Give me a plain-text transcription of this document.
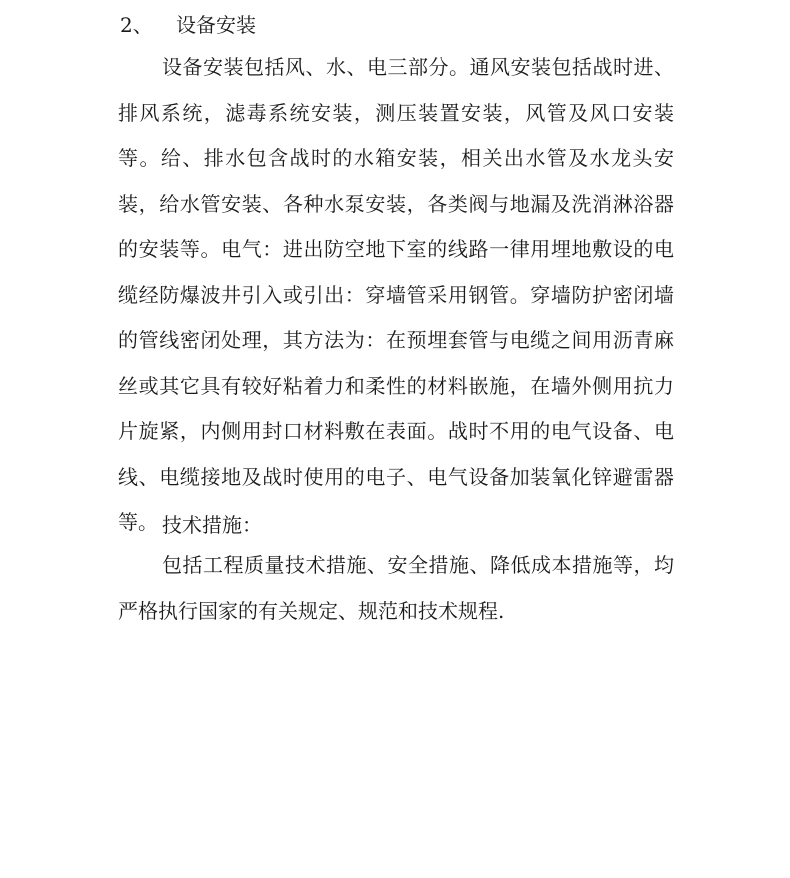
2、 设备安装

设备安装包括风、水、电三部分。通风安装包括战时进、排风系统，滤毒系统安装，测压装置安装，风管及风口安装等。给、排水包含战时的水箱安装，相关出水管及水龙头安装，给水管安装、各种水泵安装，各类阀与地漏及洗消淋浴器的安装等。电气：进出防空地下室的线路一律用埋地敷设的电缆经防爆波井引入或引出：穿墙管采用钢管。穿墙防护密闭墙的管线密闭处理，其方法为：在预埋套管与电缆之间用沥青麻丝或其它具有较好粘着力和柔性的材料嵌施，在墙外侧用抗力片旋紧，内侧用封口材料敷在表面。战时不用的电气设备、电线、电缆接地及战时使用的电子、电气设备加装氧化锌避雷器等。 技术措施：

包括工程质量技术措施、安全措施、降低成本措施等，均严格执行国家的有关规定、规范和技术规程.
